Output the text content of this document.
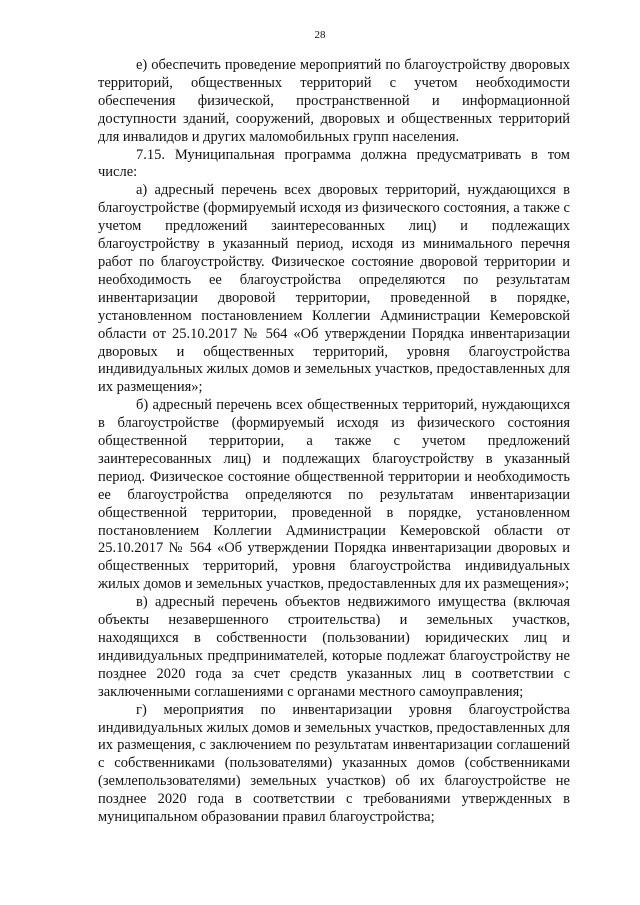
28

е) обеспечить проведение мероприятий по благоустройству дворовых территорий, общественных территорий с учетом необходимости обеспечения физической, пространственной и информационной доступности зданий, сооружений, дворовых и общественных территорий для инвалидов и других маломобильных групп населения.

7.15. Муниципальная программа должна предусматривать в том числе:

а) адресный перечень всех дворовых территорий, нуждающихся в благоустройстве (формируемый исходя из физического состояния, а также с учетом предложений заинтересованных лиц) и подлежащих благоустройству в указанный период, исходя из минимального перечня работ по благоустройству. Физическое состояние дворовой территории и необходимость ее благоустройства определяются по результатам инвентаризации дворовой территории, проведенной в порядке, установленном постановлением Коллегии Администрации Кемеровской области от 25.10.2017 № 564 «Об утверждении Порядка инвентаризации дворовых и общественных территорий, уровня благоустройства индивидуальных жилых домов и земельных участков, предоставленных для их размещения»;

б) адресный перечень всех общественных территорий, нуждающихся в благоустройстве (формируемый исходя из физического состояния общественной территории, а также с учетом предложений заинтересованных лиц) и подлежащих благоустройству в указанный период. Физическое состояние общественной территории и необходимость ее благоустройства определяются по результатам инвентаризации общественной территории, проведенной в порядке, установленном постановлением Коллегии Администрации Кемеровской области от 25.10.2017 № 564 «Об утверждении Порядка инвентаризации дворовых и общественных территорий, уровня благоустройства индивидуальных жилых домов и земельных участков, предоставленных для их размещения»;

в) адресный перечень объектов недвижимого имущества (включая объекты незавершенного строительства) и земельных участков, находящихся в собственности (пользовании) юридических лиц и индивидуальных предпринимателей, которые подлежат благоустройству не позднее 2020 года за счет средств указанных лиц в соответствии с заключенными соглашениями с органами местного самоуправления;

г) мероприятия по инвентаризации уровня благоустройства индивидуальных жилых домов и земельных участков, предоставленных для их размещения, с заключением по результатам инвентаризации соглашений с собственниками (пользователями) указанных домов (собственниками (землепользователями) земельных участков) об их благоустройстве не позднее 2020 года в соответствии с требованиями утвержденных в муниципальном образовании правил благоустройства;
